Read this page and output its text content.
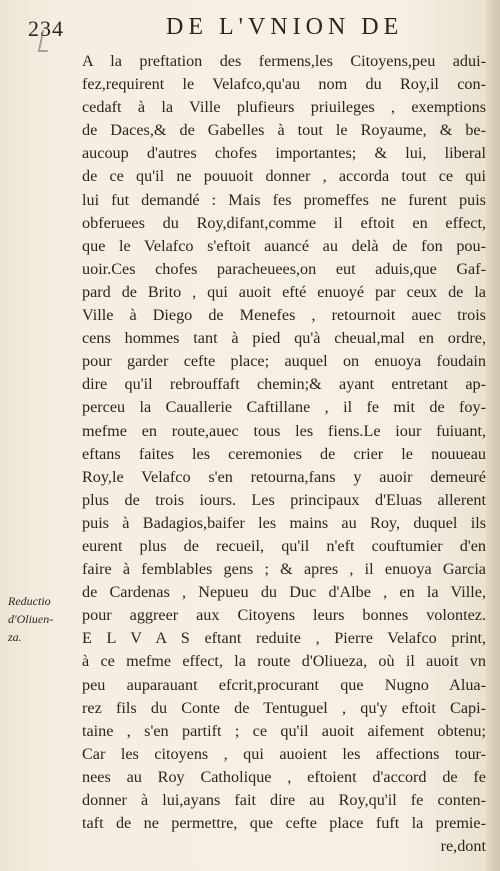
234	DE L'VNION DE
A la preftation des fermens,les Citoyens,peu adui-
fez,requirent le Velafco,qu'au nom du Roy,il con-
cedaft à la Ville plufieurs priuileges , exemptions
de Daces,& de Gabelles à tout le Royaume, & be-
aucoup d'autres chofes importantes; & lui, liberal
de ce qu'il ne pouuoit donner , accorda tout ce qui
lui fut demandé : Mais fes promeffes ne furent puis
obferuees du Roy,difant,comme il eftoit en effect,
que le Velafco s'eftoit auancé au delà de fon pou-
uoir.Ces chofes paracheuees,on eut aduis,que Gaf-
pard de Brito , qui auoit efté enuoyé par ceux de la
Ville à Diego de Menefes , retournoit auec trois
cens hommes tant à pied qu'à cheual,mal en ordre,
pour garder cefte place; auquel on enuoya foudain
dire qu'il rebrouffaft chemin;& ayant entretant ap-
perceu la Cauallerie Caftillane , il fe mit de foy-
mefme en route,auec tous les fiens.Le iour fuiuant,
eftans faites les ceremonies de crier le nouueau
Roy,le Velafco s'en retourna,fans y auoir demeuré
plus de trois iours. Les principaux d'Eluas allerent
puis à Badagios,baifer les mains au Roy, duquel ils
eurent plus de recueil, qu'il n'eft couftumier d'en
faire à femblables gens ; & apres , il enuoya Garcia
de Cardenas , Nepueu du Duc d'Albe , en la Ville,
pour aggreer aux Citoyens leurs bonnes volontez.
E L V A S eftant reduite , Pierre Velafco print,
à ce mefme effect, la route d'Oliueza, où il auoit vn
peu auparauant efcrit,procurant que Nugno Alua-
rez fils du Conte de Tentuguel , qu'y eftoit Capi-
taine , s'en partift ; ce qu'il auoit aifement obtenu;
Car les citoyens , qui auoient les affections tour-
nees au Roy Catholique , eftoient d'accord de fe
donner à lui,ayans fait dire au Roy,qu'il fe conten-
taft de ne permettre, que cefte place fuft la premie-
re,dont
Reductio
d'Oliuen-
za.
